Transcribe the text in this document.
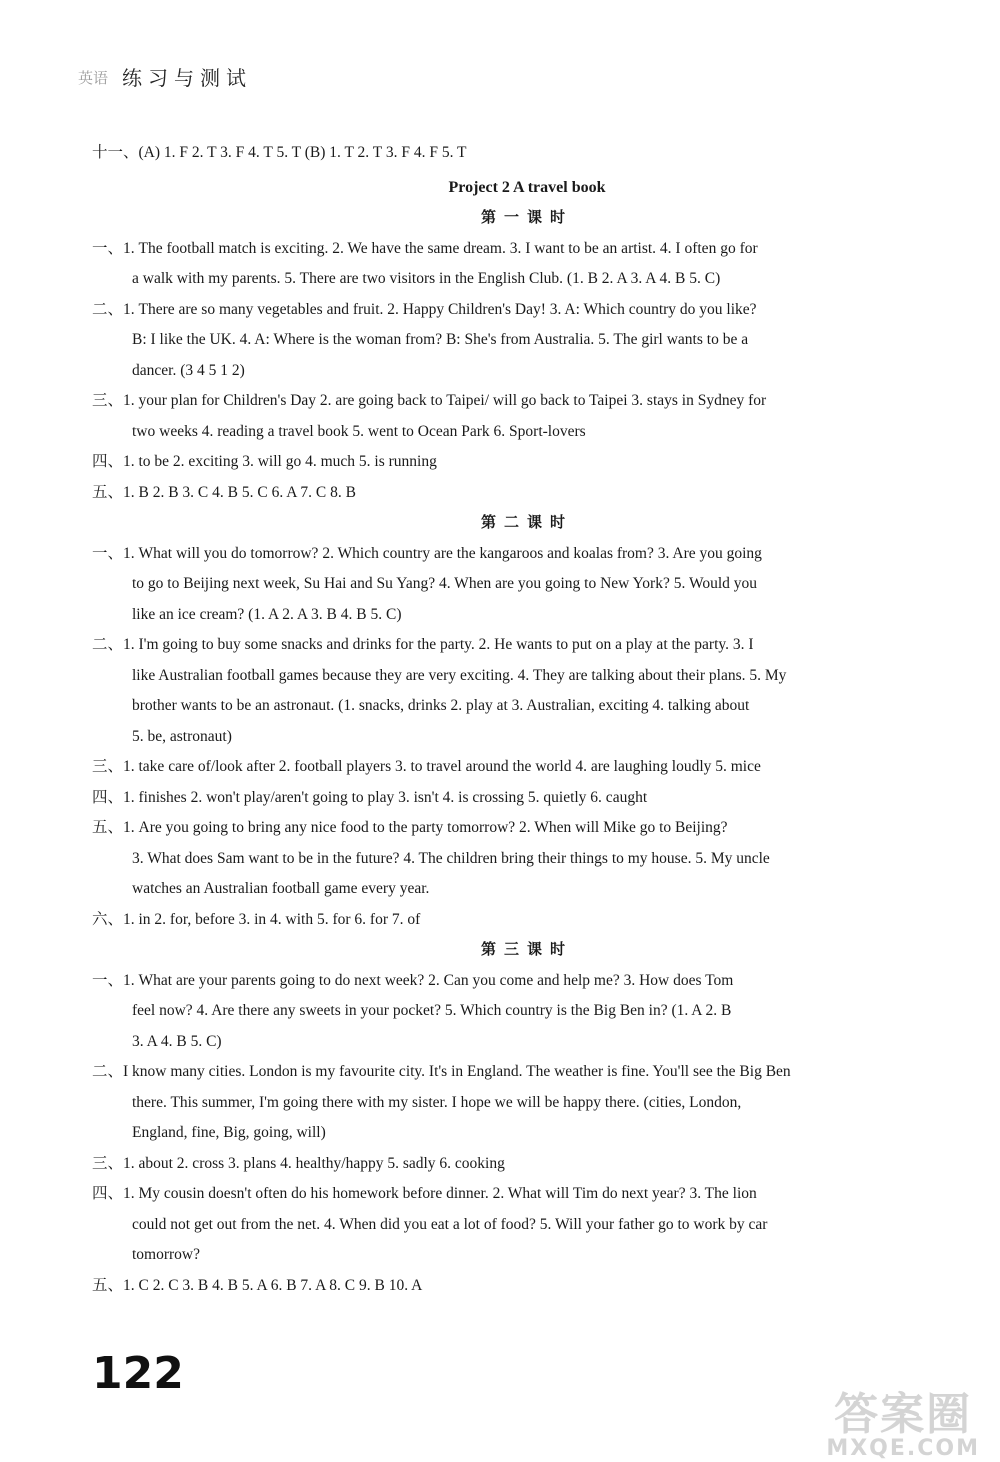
英语 练习与测试
十一、(A) 1. F 2. T 3. F 4. T 5. T (B) 1. T 2. T 3. F 4. F 5. T
Project 2 A travel book
第一课时
一、1. The football match is exciting. 2. We have the same dream. 3. I want to be an artist. 4. I often go for
a walk with my parents. 5. There are two visitors in the English Club. (1. B 2. A 3. A 4. B 5. C)
二、1. There are so many vegetables and fruit. 2. Happy Children's Day! 3. A: Which country do you like?
B: I like the UK. 4. A: Where is the woman from? B: She's from Australia. 5. The girl wants to be a
dancer. (3 4 5 1 2)
三、1. your plan for Children's Day 2. are going back to Taipei/ will go back to Taipei 3. stays in Sydney for
two weeks 4. reading a travel book 5. went to Ocean Park 6. Sport-lovers
四、1. to be 2. exciting 3. will go 4. much 5. is running
五、1. B 2. B 3. C 4. B 5. C 6. A 7. C 8. B
第二课时
一、1. What will you do tomorrow? 2. Which country are the kangaroos and koalas from? 3. Are you going
to go to Beijing next week, Su Hai and Su Yang? 4. When are you going to New York? 5. Would you
like an ice cream? (1. A 2. A 3. B 4. B 5. C)
二、1. I'm going to buy some snacks and drinks for the party. 2. He wants to put on a play at the party. 3. I
like Australian football games because they are very exciting. 4. They are talking about their plans. 5. My
brother wants to be an astronaut. (1. snacks, drinks 2. play at 3. Australian, exciting 4. talking about
5. be, astronaut)
三、1. take care of/look after 2. football players 3. to travel around the world 4. are laughing loudly 5. mice
四、1. finishes 2. won't play/aren't going to play 3. isn't 4. is crossing 5. quietly 6. caught
五、1. Are you going to bring any nice food to the party tomorrow? 2. When will Mike go to Beijing?
3. What does Sam want to be in the future? 4. The children bring their things to my house. 5. My uncle
watches an Australian football game every year.
六、1. in 2. for, before 3. in 4. with 5. for 6. for 7. of
第三课时
一、1. What are your parents going to do next week? 2. Can you come and help me? 3. How does Tom
feel now? 4. Are there any sweets in your pocket? 5. Which country is the Big Ben in? (1. A 2. B
3. A 4. B 5. C)
二、I know many cities. London is my favourite city. It's in England. The weather is fine. You'll see the Big Ben
there. This summer, I'm going there with my sister. I hope we will be happy there. (cities, London,
England, fine, Big, going, will)
三、1. about 2. cross 3. plans 4. healthy/happy 5. sadly 6. cooking
四、1. My cousin doesn't often do his homework before dinner. 2. What will Tim do next year? 3. The lion
could not get out from the net. 4. When did you eat a lot of food? 5. Will your father go to work by car
tomorrow?
五、1. C 2. C 3. B 4. B 5. A 6. B 7. A 8. C 9. B 10. A
122
答案圈
MXQE.COM
